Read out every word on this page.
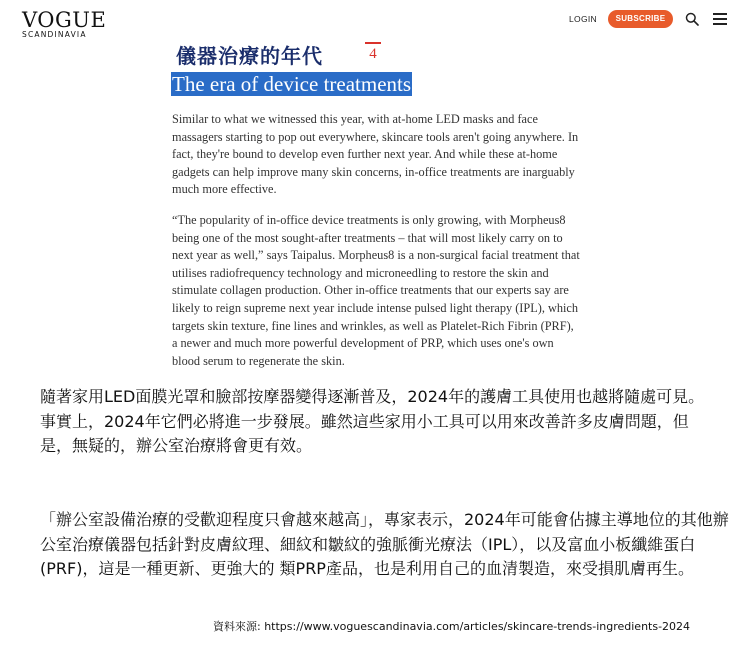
VOGUE
SCANDINAVIA
LOGIN	SUBSCRIBE
儀器治療的年代	4
The era of device treatments

Similar to what we witnessed this year, with at-home LED masks and face massagers starting to pop out everywhere, skincare tools aren't going anywhere. In fact, they're bound to develop even further next year. And while these at-home gadgets can help improve many skin concerns, in-office treatments are inarguably much more effective.

“The popularity of in-office device treatments is only growing, with Morpheus8 being one of the most sought-after treatments – that will most likely carry on to next year as well,” says Taipalus. Morpheus8 is a non-surgical facial treatment that utilises radiofrequency technology and microneedling to restore the skin and stimulate collagen production. Other in-office treatments that our experts say are likely to reign supreme next year include intense pulsed light therapy (IPL), which targets skin texture, fine lines and wrinkles, as well as Platelet-Rich Fibrin (PRF), a newer and much more powerful development of PRP, which uses one's own blood serum to regenerate the skin.

隨著家用LED面膜光罩和臉部按摩器變得逐漸普及，2024年的護膚工具使用也越將隨處可見。事實上，2024年它們必將進一步發展。雖然這些家用小工具可以用來改善許多皮膚問題，但是，無疑的，辦公室治療將會更有效。

「辦公室設備治療的受歡迎程度只會越來越高」，專家表示，2024年可能會佔據主導地位的其他辦公室治療儀器包括針對皮膚紋理、細紋和皺紋的強脈衝光療法（IPL），以及富血小板纖維蛋白 (PRF)，這是一種更新、更強大的 類PRP產品，也是利用自己的血清製造，來受損肌膚再生。

資料來源: https://www.voguescandinavia.com/articles/skincare-trends-ingredients-2024
